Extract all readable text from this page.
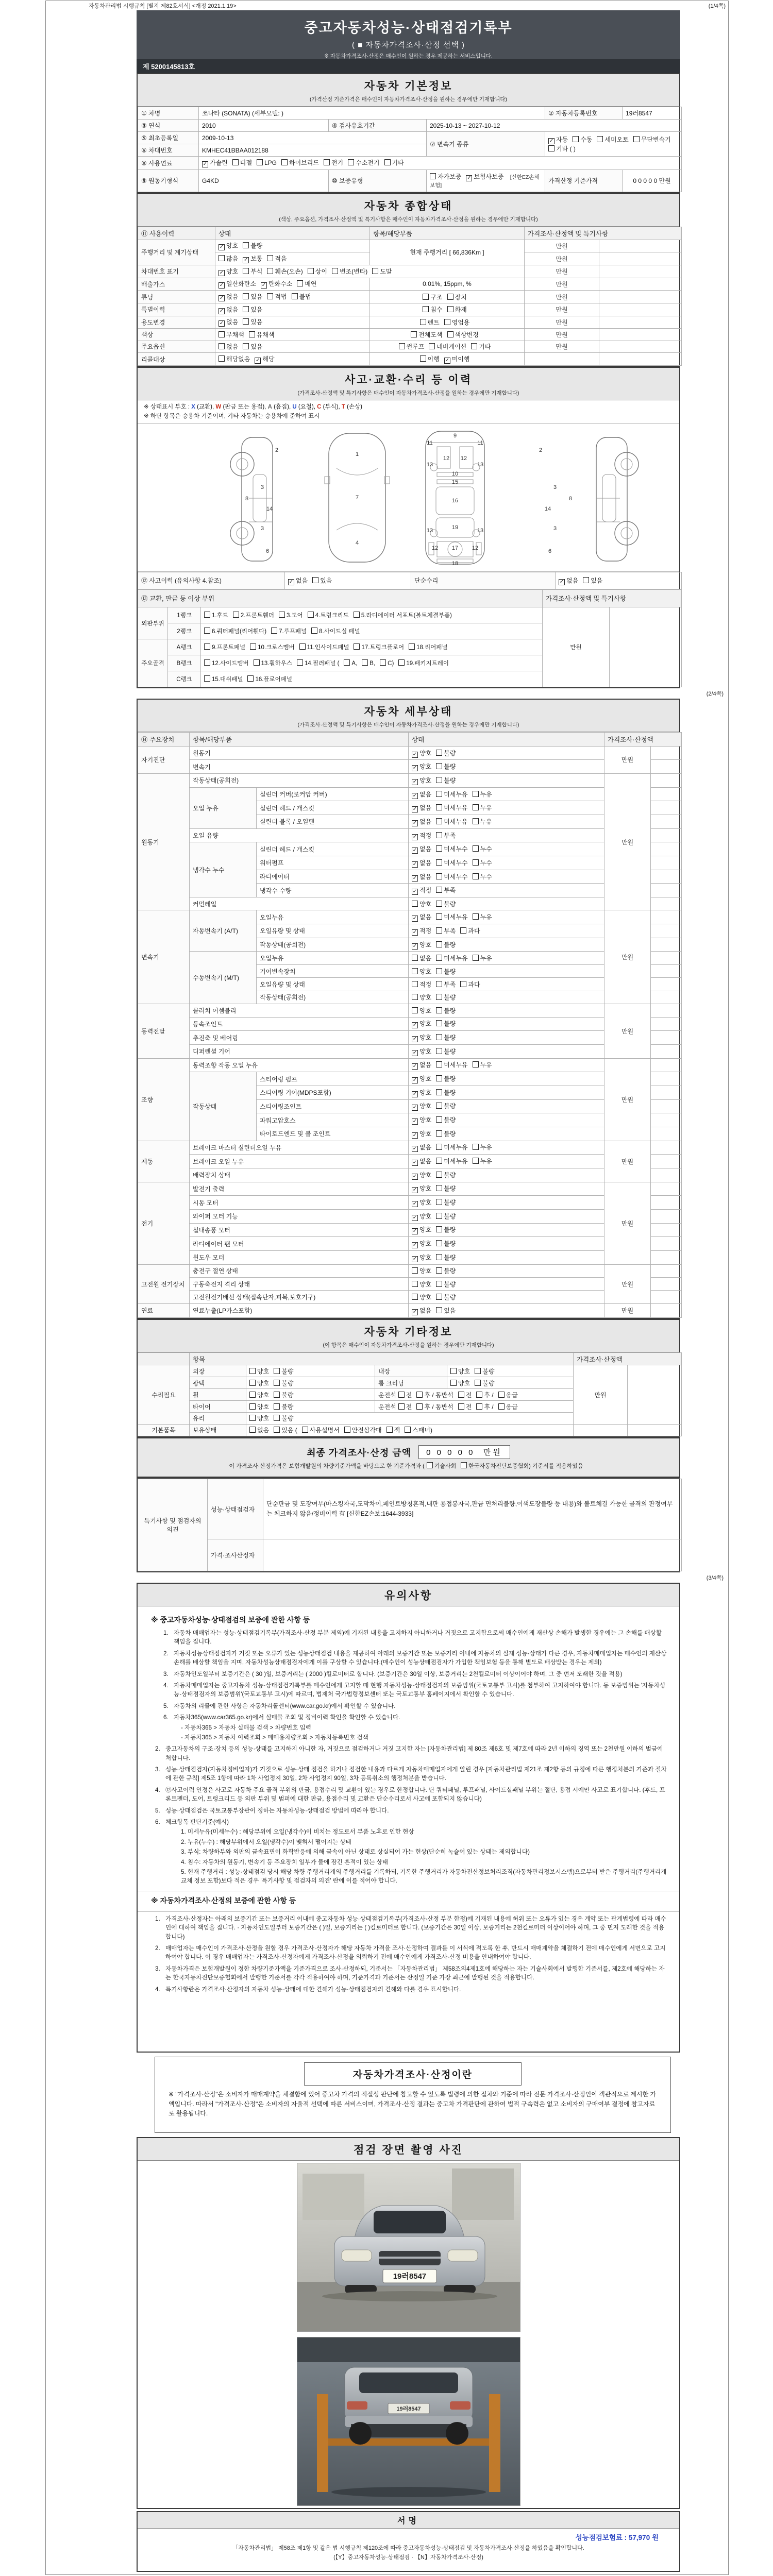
자동차관리법 시행규칙 [별지 제82호서식] <개정 2021.1.19>	(1/4쪽)
(2/4쪽)
(3/4쪽)
중고자동차성능·상태점검기록부
( ■ 자동차가격조사·산정 선택 )
※ 자동차가격조사·산정은 매수인이 원하는 경우 제공하는 서비스입니다.
제 5200145813호
자동차 기본정보
(가격산정 기준가격은 매수인이 자동차가격조사·산정을 원하는 경우에만 기재합니다)
① 차명	쏘나타 (SONATA) (세부모델: )			② 자동차등록번호	19러8547
③ 연식	2010	④ 검사유효기간	2025-10-13 ~ 2027-10-12		
⑤ 최초등록일	2009-10-13		⑦ 변속기 종류	✓ 자동 수동 세미오토 무단변속기기타 ( )	
⑥ 차대번호	KMHEC41BBAA012188				
⑧ 사용연료	✓ 가솔린 디젤 LPG 하이브리드 전기 수소전기 기타				
⑨ 원동기형식	G4KD	⑩ 보증유형	자가보증 ✓ 보험사보증 [신한EZ손해보험]	가격산정 기준가격	0 0 0 0 0 만원
자동차 종합상태
(색상, 주요옵션, 가격조사·산정액 및 특기사항은 매수인이 자동차가격조사·산정을 원하는 경우에만 기재합니다)
⑪ 사용이력	상태	항목/해당부품	가격조사·산정액 및 특기사항	
주행거리 및 계기상태	✓ 양호 불량	현재 주행거리 [ 66,836Km ]	만원	
	많음 ✓ 보통 적음		만원	
차대번호 표기	✓ 양호 부식 훼손(오손) 상이 변조(변타) 도말		만원	
배출가스	✓ 일산화탄소 ✓ 탄화수소 매연	0.01%, 15ppm, %	만원	
튜닝	✓ 없음 있음 적법 불법	구조 장치	만원	
특별이력	✓ 없음 있음	침수 화재	만원	
용도변경	✓ 없음 있음	렌트 영업용	만원	
색상	무채색 유채색	전체도색 색상변경	만원	
주요옵션	없음 있음	썬루프 네비게이션 기타	만원	
리콜대상	해당없음 ✓ 해당	이행 ✓ 미이행		
사고·교환·수리 등 이력
(가격조사·산정액 및 특기사항은 매수인이 자동차가격조사·산정을 원하는 경우에만 기재합니다)
※ 상태표시 부호 : X (교환), W (판금 또는 용접), A (흠집), U (요철), C (부식), T (손상)
※ 하단 항목은 승용차 기준이며, 기타 자동차는 승용차에 준하여 표시
2
8
3
14
3
6
1
7
4
11
9
11
13
12 12
13
10
15
16
13	19	13
12 17 12
18
2
8
3
14
3
6
⑫ 사고이력 (유의사항 4.참조)	✓ 없음 있음	단순수리	✓ 없음 있음
⑬ 교환, 판금 등 이상 부위			가격조사·산정액 및 특기사항	
외판부위	1랭크	1.후드 2.프론트휀더 3.도어 4.트렁크리드 5.라디에이터 서포트(볼트체결부품)	만원	
	2랭크	6.쿼터패널(리어휀다) 7.루프패널 8.사이드실 패널		
주요골격	A랭크	9.프론트패널 10.크로스멤버 11.인사이드패널 17.트렁크플로어 18.리어패널		
	B랭크	12.사이드멤버 13.휠하우스 14.필러패널 ( A, B, C) 19.패키지트레이		
	C랭크	15.대쉬패널 16.플로어패널		
자동차 세부상태
(가격조사·산정액 및 특기사항은 매수인이 자동차가격조사·산정을 원하는 경우에만 기재합니다)
⑭ 주요장치	항목/해당부품		상태	가격조사·산정액	
자기진단	원동기		✓ 양호 불량	만원	
	변속기		✓ 양호 불량		
원동기	작동상태(공회전)		✓ 양호 불량	만원	
	오일 누유	실린더 커버(로커암 커버)	✓ 없음 미세누유 누유		
		실린더 헤드 / 개스킷	✓ 없음 미세누유 누유		
		실린더 블록 / 오일팬	✓ 없음 미세누유 누유		
	오일 유량		✓ 적정 부족		
	냉각수 누수	실린더 헤드 / 개스킷	✓ 없음 미세누수 누수		
		워터펌프	✓ 없음 미세누수 누수		
		라디에이터	✓ 없음 미세누수 누수		
		냉각수 수량	✓ 적정 부족		
	커먼레일		양호 불량		
변속기	자동변속기 (A/T)	오일누유	✓ 없음 미세누유 누유	만원	
		오일유량 및 상태	✓ 적정 부족 과다		
		작동상태(공회전)	✓ 양호 불량		
	수동변속기 (M/T)	오일누유	없음 미세누유 누유		
		기어변속장치	양호 불량		
		오일유량 및 상태	적정 부족 과다		
		작동상태(공회전)	양호 불량		
동력전달	클러치 어셈블리		양호 불량	만원	
	등속조인트		✓ 양호 불량		
	추진축 및 베어링		✓ 양호 불량		
	디퍼렌셜 기어		✓ 양호 불량		
조향	동력조향 작동 오일 누유		✓ 없음 미세누유 누유	만원	
	작동상태	스티어링 펌프	✓ 양호 불량		
		스티어링 기어(MDPS포함)	✓ 양호 불량		
		스티어링조인트	✓ 양호 불량		
		파워고압호스	✓ 양호 불량		
		타이로드엔드 및 볼 조인트	✓ 양호 불량		
제동	브레이크 마스터 실린더오일 누유		✓ 없음 미세누유 누유	만원	
	브레이크 오일 누유		✓ 없음 미세누유 누유		
	배력장치 상태		✓ 양호 불량		
전기	발전기 출력		✓ 양호 불량	만원	
	시동 모터		✓ 양호 불량		
	와이퍼 모터 기능		✓ 양호 불량		
	실내송풍 모터		✓ 양호 불량		
	라디에이터 팬 모터		✓ 양호 불량		
	윈도우 모터		✓ 양호 불량		
고전원 전기장치	충전구 절연 상태		양호 불량	만원	
	구동축전지 격리 상태		양호 불량		
	고전원전기배선 상태(접속단자,피복,보호기구)		양호 불량		
연료	연료누출(LP가스포함)		✓ 없음 있음	만원	
자동차 기타정보
(이 항목은 매수인이 자동차가격조사·산정을 원하는 경우에만 기재합니다)
	항목				가격조사·산정액	
수리필요	외장	양호 불량	내장	양호 불량	만원	
	광택	양호 불량	룸 크리닝	양호 불량		
	휠	양호 불량	운전석 전 후 / 동반석 전 후 / 응급			
	타이어	양호 불량	운전석 전 후 / 동반석 전 후 / 응급			
	유리	양호 불량				
기본품목	보유상태	없음 있음 ( 사용설명서 안전삼각대 잭 스패너)				
최종 가격조사·산정 금액	0 0 0 0 0 만원
이 가격조사·산정가격은 보험개발원의 차량기준가액을 바탕으로 한 기준가격과 ( 기술사회 한국자동차진단보증협회) 기준서를 적용하였음
특기사항 및 점검자의 의견	성능·상태점검자	단순판금 및 도장여부(마스킹자국,도막차이,페인트방청흔적,내판 용접봉자국,판금 면처리불량,이색도장불량 등 내용)와 볼트체결 가능한 골격의 판정여부는 체크하지 않음/정비이력 有 [신한EZ손보:1644-3933]
	가격·조사산정자	
유의사항
※ 중고자동차성능·상태점검의 보증에 관한 사항 등
1. 자동차 매매업자는 성능·상태점검기록부(가격조사·산정 부분 제외)에 기재된 내용을 고지하지 아니하거나 거짓으로 고지함으로써 매수인에게 재산상 손해가 발생한 경우에는 그 손해를 배상할 책임을 집니다.
2. 자동차성능상태점검자가 거짓 또는 오류가 있는 성능상태점검 내용을 제공하여 아래의 보증기간 또는 보증거리 이내에 자동차의 실제 성능·상태가 다른 경우, 자동차매매업자는 매수인의 재산상 손해를 배상할 책임을 지며, 자동차성능상태점검자에게 이를 구상할 수 있습니다.(매수인이 성능상태점검자가 가입한 책임보험 등을 통해 별도로 배상받는 경우는 제외)
3. 자동차인도일부터 보증기간은 ( 30 )일, 보증거리는 ( 2000 )킬로미터로 합니다. (보증기간은 30일 이상, 보증거리는 2천킬로미터 이상이어야 하며, 그 중 먼저 도래한 것을 적용)
4. 자동차매매업자는 중고자동차 성능·상태점검기록부를 매수인에게 고지할 때 현행 자동차성능·상태점검자의 보증범위(국토교통부 고시)를 첨부하여 고지하여야 합니다. 동 보증범위는 '자동차성능·상태점검자의 보증범위'(국토교통부 고시)에 따르며, 법제처 국가법령정보센터 또는 국토교통부 홈페이지에서 확인할 수 있습니다.
5. 자동차의 리콜에 관한 사항은 자동차리콜센터(www.car.go.kr)에서 확인할 수 있습니다.
6. 자동차365(www.car365.go.kr)에서 실매물 조회 및 정비이력 확인을 확인할 수 있습니다.
- 자동차365 > 자동차 실매물 검색 > 차량번호 입력
- 자동차365 > 자동차 이력조회 > 매매용차량조회 > 자동차등록번호 검색
2. 중고자동차의 구조·장치 등의 성능·상태를 고지하지 아니한 자, 거짓으로 점검하거나 거짓 고지한 자는 [자동차관리법] 제 80조 제6호 및 제7호에 따라 2년 이하의 징역 또는 2천만원 이하의 벌금에 처합니다.
3. 성능·상태점검자(자동차정비업자)가 거짓으로 성능·상태 점검을 하거나 점검한 내용과 다르게 자동차매매업자에게 알린 경우 [자동차관리법 제21조 제2항 등의 규정에 따른 행정처분의 기준과 절차에 관한 규칙] 제5조 1항에 따라 1차 사업정지 30일, 2차 사업정지 90일, 3차 등록취소의 행정처분을 받습니다.
4. ⑫사고이력 인정은 사고로 자동차 주요 골격 부위의 판금, 용접수리 및 교환이 있는 경우로 한정합니다. 단 쿼터패널, 루프패널, 사이드실패널 부위는 절단, 용접 시에만 사고로 표기합니다. (후드, 프론트펜더, 도어, 트렁크리드 등 외판 부위 및 범퍼에 대한 판금, 용접수리 및 교환은 단순수리로서 사고에 포함되지 않습니다)
5. 성능·상태점검은 국토교통부장관이 정하는 자동차성능·상태점검 방법에 따라야 합니다.
6. 체크항목 판단기준(예시)
1. 미세누유(미세누수) : 해당부위에 오일(냉각수)이 비치는 정도로서 부품 노후로 인한 현상
2. 누유(누수) : 해당부위에서 오일(냉각수)이 맺혀서 떨어지는 상태
3. 부식: 차량하부와 외판의 금속표면이 화학반응에 의해 금속이 아닌 상태로 상실되어 가는 현상(단순히 녹슬어 있는 상태는 제외합니다)
4. 침수: 자동차의 원동기, 변속기 등 주요장치 일부가 물에 잠긴 흔적이 있는 상태
5. 현재 주행거리 : 성능·상태점검 당시 해당 차량 주행거리계의 주행거리를 기록하되, 기록한 주행거리가 자동차전산정보처리조직(자동차관리정보시스템)으로부터 받은 주행거리(주행거리계 교체 정보 포함)보다 적은 경우 '특기사항 및 점검자의 의견' 란에 이를 적어야 합니다.
※ 자동차가격조사·산정의 보증에 관한 사항 등
1. 가격조사·산정자는 아래의 보증기간 또는 보증거리 이내에 중고자동차 성능·상태점검기록부(가격조사·산정 부분 한정)에 기재된 내용에 허위 또는 오류가 있는 경우 계약 또는 관계법령에 따라 매수인에 대하여 책임을 집니다. · 자동차인도일부터 보증기간은 ( )일, 보증거리는 ( )킬로미터로 합니다. (보증기간은 30일 이상, 보증거리는 2천킬로미터 이상이어야 하며, 그 중 먼저 도래한 것을 적용합니다)
2. 매매업자는 매수인이 가격조사·산정을 원할 경우 가격조사·산정자가 해당 자동차 가격을 조사·산정하여 결과를 이 서식에 적도록 한 후, 반드시 매매계약을 체결하기 전에 매수인에게 서면으로 고지하여야 합니다. 이 경우 매매업자는 가격조사·산정자에게 가격조사·산정을 의뢰하기 전에 매수인에게 가격조사·산정 비용을 안내하여야 합니다.
3. 자동차가격은 보험개발원이 정한 차량기준가액을 기준가격으로 조사·산정하되, 기준서는 「자동차관리법」 제58조의4제1호에 해당하는 자는 기술사회에서 발행한 기준서를, 제2호에 해당하는 자는 한국자동차진단보증협회에서 발행한 기준서를 각각 적용하여야 하며, 기준가격과 기준서는 산정일 기준 가장 최근에 발행된 것을 적용합니다.
4. 특기사항란은 가격조사·산정자의 자동차 성능·상태에 대한 견해가 성능·상태점검자의 견해와 다를 경우 표시합니다.
자동차가격조사·산정이란
※ "가격조사·산정"은 소비자가 매매계약을 체결함에 있어 중고차 가격의 적절성 판단에 참고할 수 있도록 법령에 의한 절차와 기준에 따라 전문 가격조사·산정인이 객관적으로 제시한 가액입니다. 따라서 "가격조사·산정"은 소비자의 자율적 선택에 따른 서비스이며, 가격조사·산정 결과는 중고차 가격판단에 관하여 법적 구속력은 없고 소비자의 구매여부 결정에 참고자료로 활용됩니다.
점검 장면 촬영 사진
19러8547
19러8547
서명
성능점검보험료 : 57,970 원
「자동차관리법」 제58조 제1항 및 같은 법 시행규칙 제120조에 따라 중고자동차성능·상태점검 및 자동차가격조사·산정을 하였음을 확인합니다.
(【Y】중고자동차성능·상태점검 · 【N】자동차가격조사·산정)
